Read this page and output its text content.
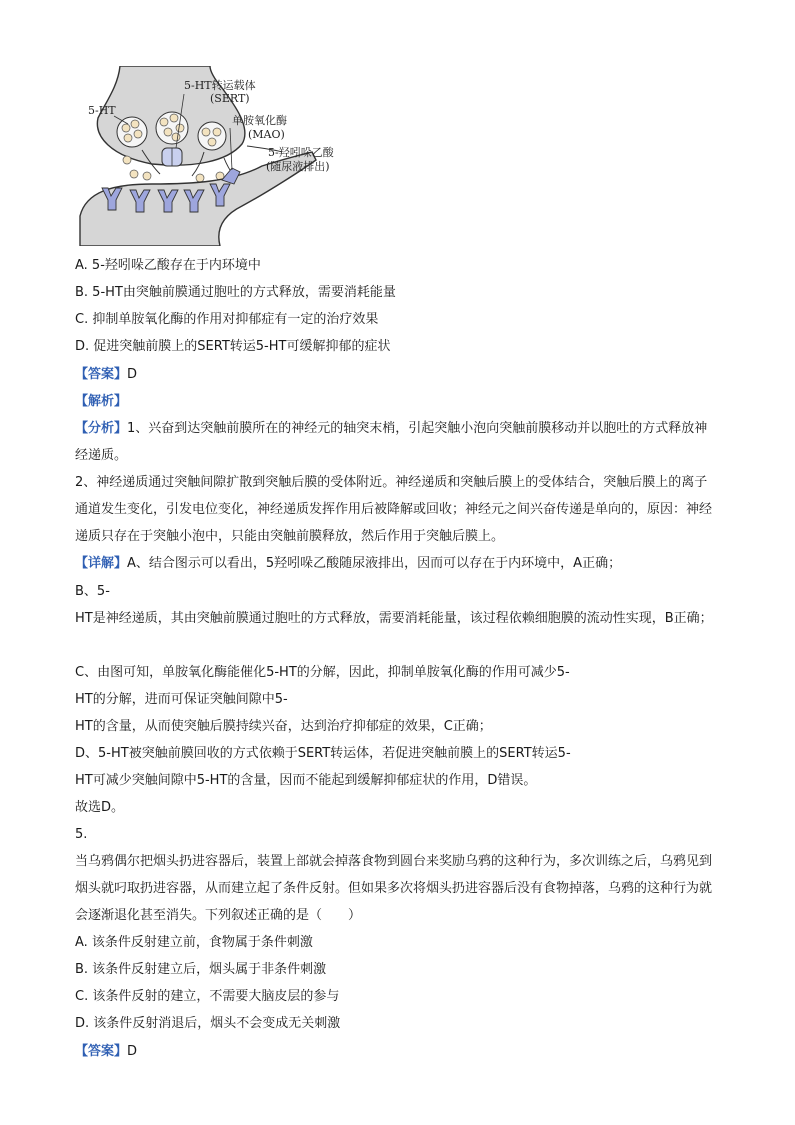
5-HT转运载体
(SERT)
5-HT
单胺氧化酶
(MAO)
5-羟吲哚乙酸
(随尿液排出)
A. 5-羟吲哚乙酸存在于内环境中
B. 5-HT由突触前膜通过胞吐的方式释放，需要消耗能量
C. 抑制单胺氧化酶的作用对抑郁症有一定的治疗效果
D. 促进突触前膜上的SERT转运5-HT可缓解抑郁的症状
【答案】D
【解析】
【分析】1、兴奋到达突触前膜所在的神经元的轴突末梢，引起突触小泡向突触前膜移动并以胞吐的方式释放神经递质。
2、神经递质通过突触间隙扩散到突触后膜的受体附近。神经递质和突触后膜上的受体结合，突触后膜上的离子通道发生变化，引发电位变化，神经递质发挥作用后被降解或回收；神经元之间兴奋传递是单向的，原因：神经递质只存在于突触小泡中，只能由突触前膜释放，然后作用于突触后膜上。
【详解】A、结合图示可以看出，5羟吲哚乙酸随尿液排出，因而可以存在于内环境中，A正确；
B、5-
HT是神经递质，其由突触前膜通过胞吐的方式释放，需要消耗能量，该过程依赖细胞膜的流动性实现，B正确；
C、由图可知，单胺氧化酶能催化5-HT的分解，因此，抑制单胺氧化酶的作用可减少5-
HT的分解，进而可保证突触间隙中5-
HT的含量，从而使突触后膜持续兴奋，达到治疗抑郁症的效果，C正确；
D、5-HT被突触前膜回收的方式依赖于SERT转运体，若促进突触前膜上的SERT转运5-
HT可减少突触间隙中5-HT的含量，因而不能起到缓解抑郁症状的作用，D错误。
故选D。
5.
当乌鸦偶尔把烟头扔进容器后，装置上部就会掉落食物到圆台来奖励乌鸦的这种行为，多次训练之后，乌鸦见到烟头就叼取扔进容器，从而建立起了条件反射。但如果多次将烟头扔进容器后没有食物掉落，乌鸦的这种行为就会逐渐退化甚至消失。下列叙述正确的是（　　）
A. 该条件反射建立前，食物属于条件刺激
B. 该条件反射建立后，烟头属于非条件刺激
C. 该条件反射的建立，不需要大脑皮层的参与
D. 该条件反射消退后，烟头不会变成无关刺激
【答案】D
